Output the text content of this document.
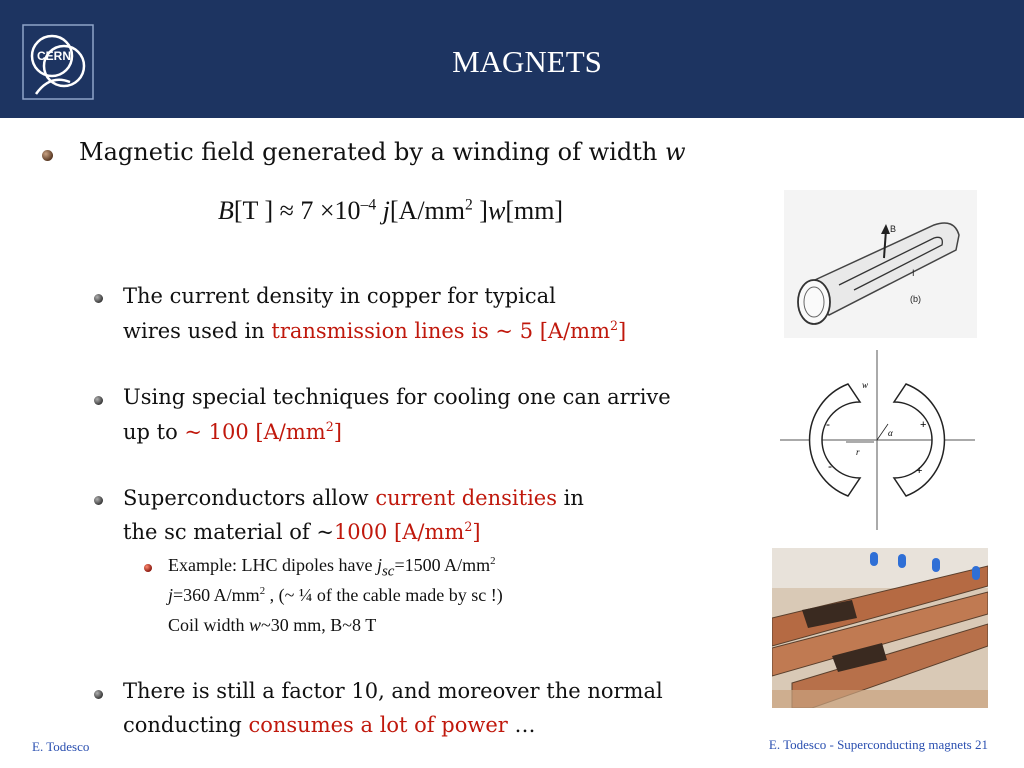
CERN	MAGNETS
Magnetic field generated by a winding of width w
B[T ] ≈ $7 \times 10^{-4}$ $j[A/mm^2$ ]w[mm]
The current density in copper for typical
wires used in transmission lines is ~ 5 $[A/mm^2]$
Using special techniques for cooling one can arrive
up to ~ 100 $[A/mm^2]$
Superconductors allow current densities in
the sc material of ~1000 $[A/mm^2]$
Example: LHC dipoles have $j_{sc}=1500$ $A/mm^2$
j=360 $A/mm^2$ , (~ ¼ of the cable made by sc !)
Coil width w~30 mm, B~8 T
There is still a factor 10, and moreover the normal
conducting consumes a lot of power …
B
I
(b)
w
α
r
-
-
+
+
E. Todesco	E. Todesco - Superconducting magnets 21
